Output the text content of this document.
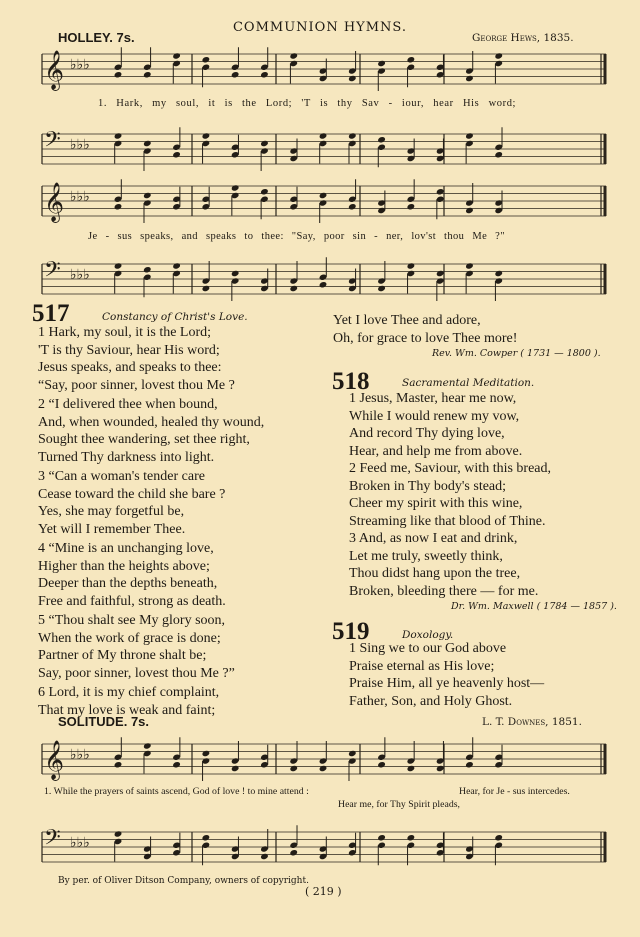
COMMUNION HYMNS.
HOLLEY. 7s.	George Hews, 1835.
𝄞 ♭♭♭
1. Hark, my soul, it is the Lord; 'T is thy Sav - iour, hear His word;
𝄢 ♭♭♭
𝄞 ♭♭♭
Je - sus speaks, and speaks to thee: "Say, poor sin - ner, lov'st thou Me ?"
𝄢 ♭♭♭
517	Constancy of Christ's Love.
1 Hark, my soul, it is the Lord;
'T is thy Saviour, hear His word;
Jesus speaks, and speaks to thee:
“Say, poor sinner, lovest thou Me ?
2 “I delivered thee when bound,
And, when wounded, healed thy wound,
Sought thee wandering, set thee right,
Turned Thy darkness into light.
3 “Can a woman's tender care
Cease toward the child she bare ?
Yes, she may forgetful be,
Yet will I remember Thee.
4 “Mine is an unchanging love,
Higher than the heights above;
Deeper than the depths beneath,
Free and faithful, strong as death.
5 “Thou shalt see My glory soon,
When the work of grace is done;
Partner of My throne shalt be;
Say, poor sinner, lovest thou Me ?”
6 Lord, it is my chief complaint,
That my love is weak and faint;
Yet I love Thee and adore,
Oh, for grace to love Thee more!
Rev. Wm. Cowper ( 1731 — 1800 ).
518	Sacramental Meditation.
1 Jesus, Master, hear me now,
While I would renew my vow,
And record Thy dying love,
Hear, and help me from above.
2 Feed me, Saviour, with this bread,
Broken in Thy body's stead;
Cheer my spirit with this wine,
Streaming like that blood of Thine.
3 And, as now I eat and drink,
Let me truly, sweetly think,
Thou didst hang upon the tree,
Broken, bleeding there — for me.
Dr. Wm. Maxwell ( 1784 — 1857 ).
519	Doxology.
1 Sing we to our God above
Praise eternal as His love;
Praise Him, all ye heavenly host—
Father, Son, and Holy Ghost.
SOLITUDE. 7s.	L. T. Downes, 1851.
𝄞 ♭♭♭
1. While the prayers of saints ascend, God of love ! to mine attend :	Hear, for Je - sus intercedes.
Hear me, for Thy Spirit pleads,
𝄢 ♭♭♭
By per. of Oliver Ditson Company, owners of copyright.
( 219 )
